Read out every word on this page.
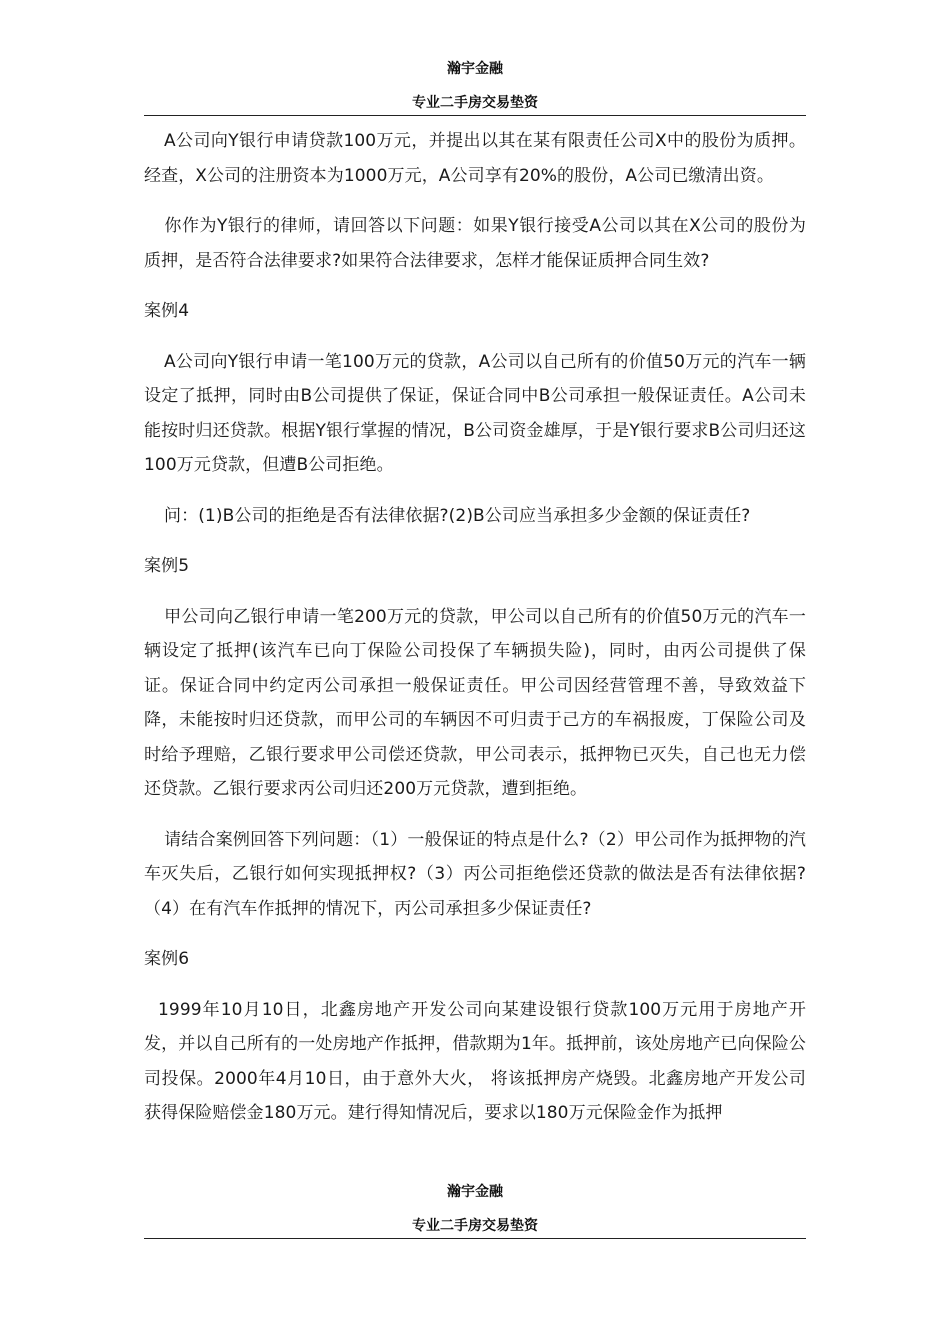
瀚宇金融
专业二手房交易垫资

A公司向Y银行申请贷款100万元，并提出以其在某有限责任公司X中的股份为质押。经查，X公司的注册资本为1000万元，A公司享有20%的股份，A公司已缴清出资。

你作为Y银行的律师，请回答以下问题：如果Y银行接受A公司以其在X公司的股份为质押，是否符合法律要求?如果符合法律要求，怎样才能保证质押合同生效?

案例4

A公司向Y银行申请一笔100万元的贷款，A公司以自己所有的价值50万元的汽车一辆设定了抵押，同时由B公司提供了保证，保证合同中B公司承担一般保证责任。A公司未能按时归还贷款。根据Y银行掌握的情况，B公司资金雄厚，于是Y银行要求B公司归还这100万元贷款，但遭B公司拒绝。

问：(1)B公司的拒绝是否有法律依据?(2)B公司应当承担多少金额的保证责任?

案例5

甲公司向乙银行申请一笔200万元的贷款，甲公司以自己所有的价值50万元的汽车一辆设定了抵押(该汽车已向丁保险公司投保了车辆损失险)，同时，由丙公司提供了保证。保证合同中约定丙公司承担一般保证责任。甲公司因经营管理不善，导致效益下降，未能按时归还贷款，而甲公司的车辆因不可归责于己方的车祸报废，丁保险公司及时给予理赔，乙银行要求甲公司偿还贷款，甲公司表示，抵押物已灭失，自己也无力偿还贷款。乙银行要求丙公司归还200万元贷款，遭到拒绝。

请结合案例回答下列问题：（1）一般保证的特点是什么?（2）甲公司作为抵押物的汽车灭失后，乙银行如何实现抵押权?（3）丙公司拒绝偿还贷款的做法是否有法律依据?（4）在有汽车作抵押的情况下，丙公司承担多少保证责任?

案例6

1999年10月10日，北鑫房地产开发公司向某建设银行贷款100万元用于房地产开发，并以自己所有的一处房地产作抵押，借款期为1年。抵押前，该处房地产已向保险公司投保。2000年4月10日，由于意外大火， 将该抵押房产烧毁。北鑫房地产开发公司获得保险赔偿金180万元。建行得知情况后，要求以180万元保险金作为抵押

瀚宇金融
专业二手房交易垫资
